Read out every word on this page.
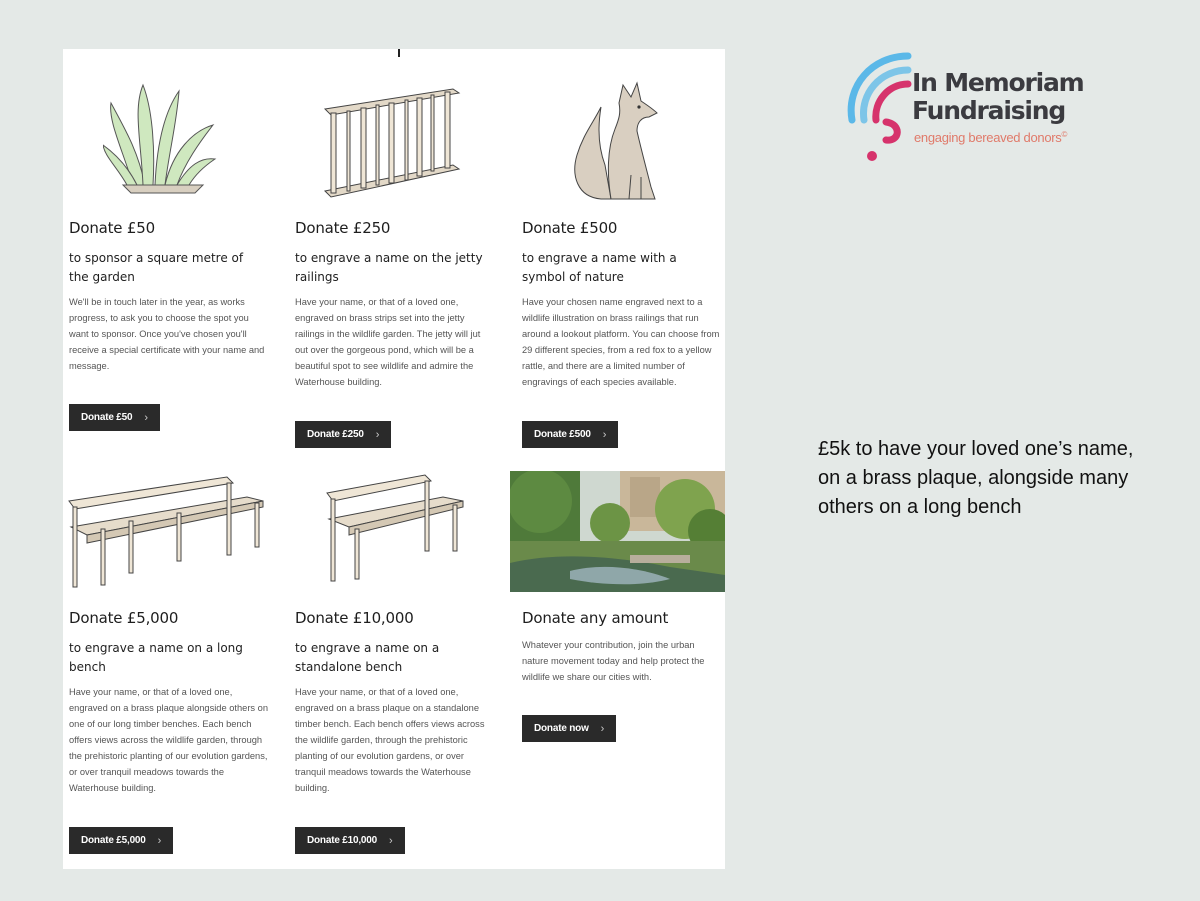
Donate £50
to sponsor a square metre of the garden
We'll be in touch later in the year, as works progress, to ask you to choose the spot you want to sponsor. Once you've chosen you'll receive a special certificate with your name and message.
Donate £50 ›
Donate £250
to engrave a name on the jetty railings
Have your name, or that of a loved one, engraved on brass strips set into the jetty railings in the wildlife garden. The jetty will jut out over the gorgeous pond, which will be a beautiful spot to see wildlife and admire the Waterhouse building.
Donate £250 ›
Donate £500
to engrave a name with a symbol of nature
Have your chosen name engraved next to a wildlife illustration on brass railings that run around a lookout platform. You can choose from 29 different species, from a red fox to a yellow rattle, and there are a limited number of engravings of each species available.
Donate £500 ›
Donate £5,000
to engrave a name on a long bench
Have your name, or that of a loved one, engraved on a brass plaque alongside others on one of our long timber benches. Each bench offers views across the wildlife garden, through the prehistoric planting of our evolution gardens, or over tranquil meadows towards the Waterhouse building.
Donate £5,000 ›
Donate £10,000
to engrave a name on a standalone bench
Have your name, or that of a loved one, engraved on a brass plaque on a standalone timber bench. Each bench offers views across the wildlife garden, through the prehistoric planting of our evolution gardens, or over tranquil meadows towards the Waterhouse building.
Donate £10,000 ›
Donate any amount
Whatever your contribution, join the urban nature movement today and help protect the wildlife we share our cities with.
Donate now ›
In Memoriam
Fundraising
engaging bereaved donors©
£5k to have your loved one’s name, on a brass plaque, alongside many others on a long bench
